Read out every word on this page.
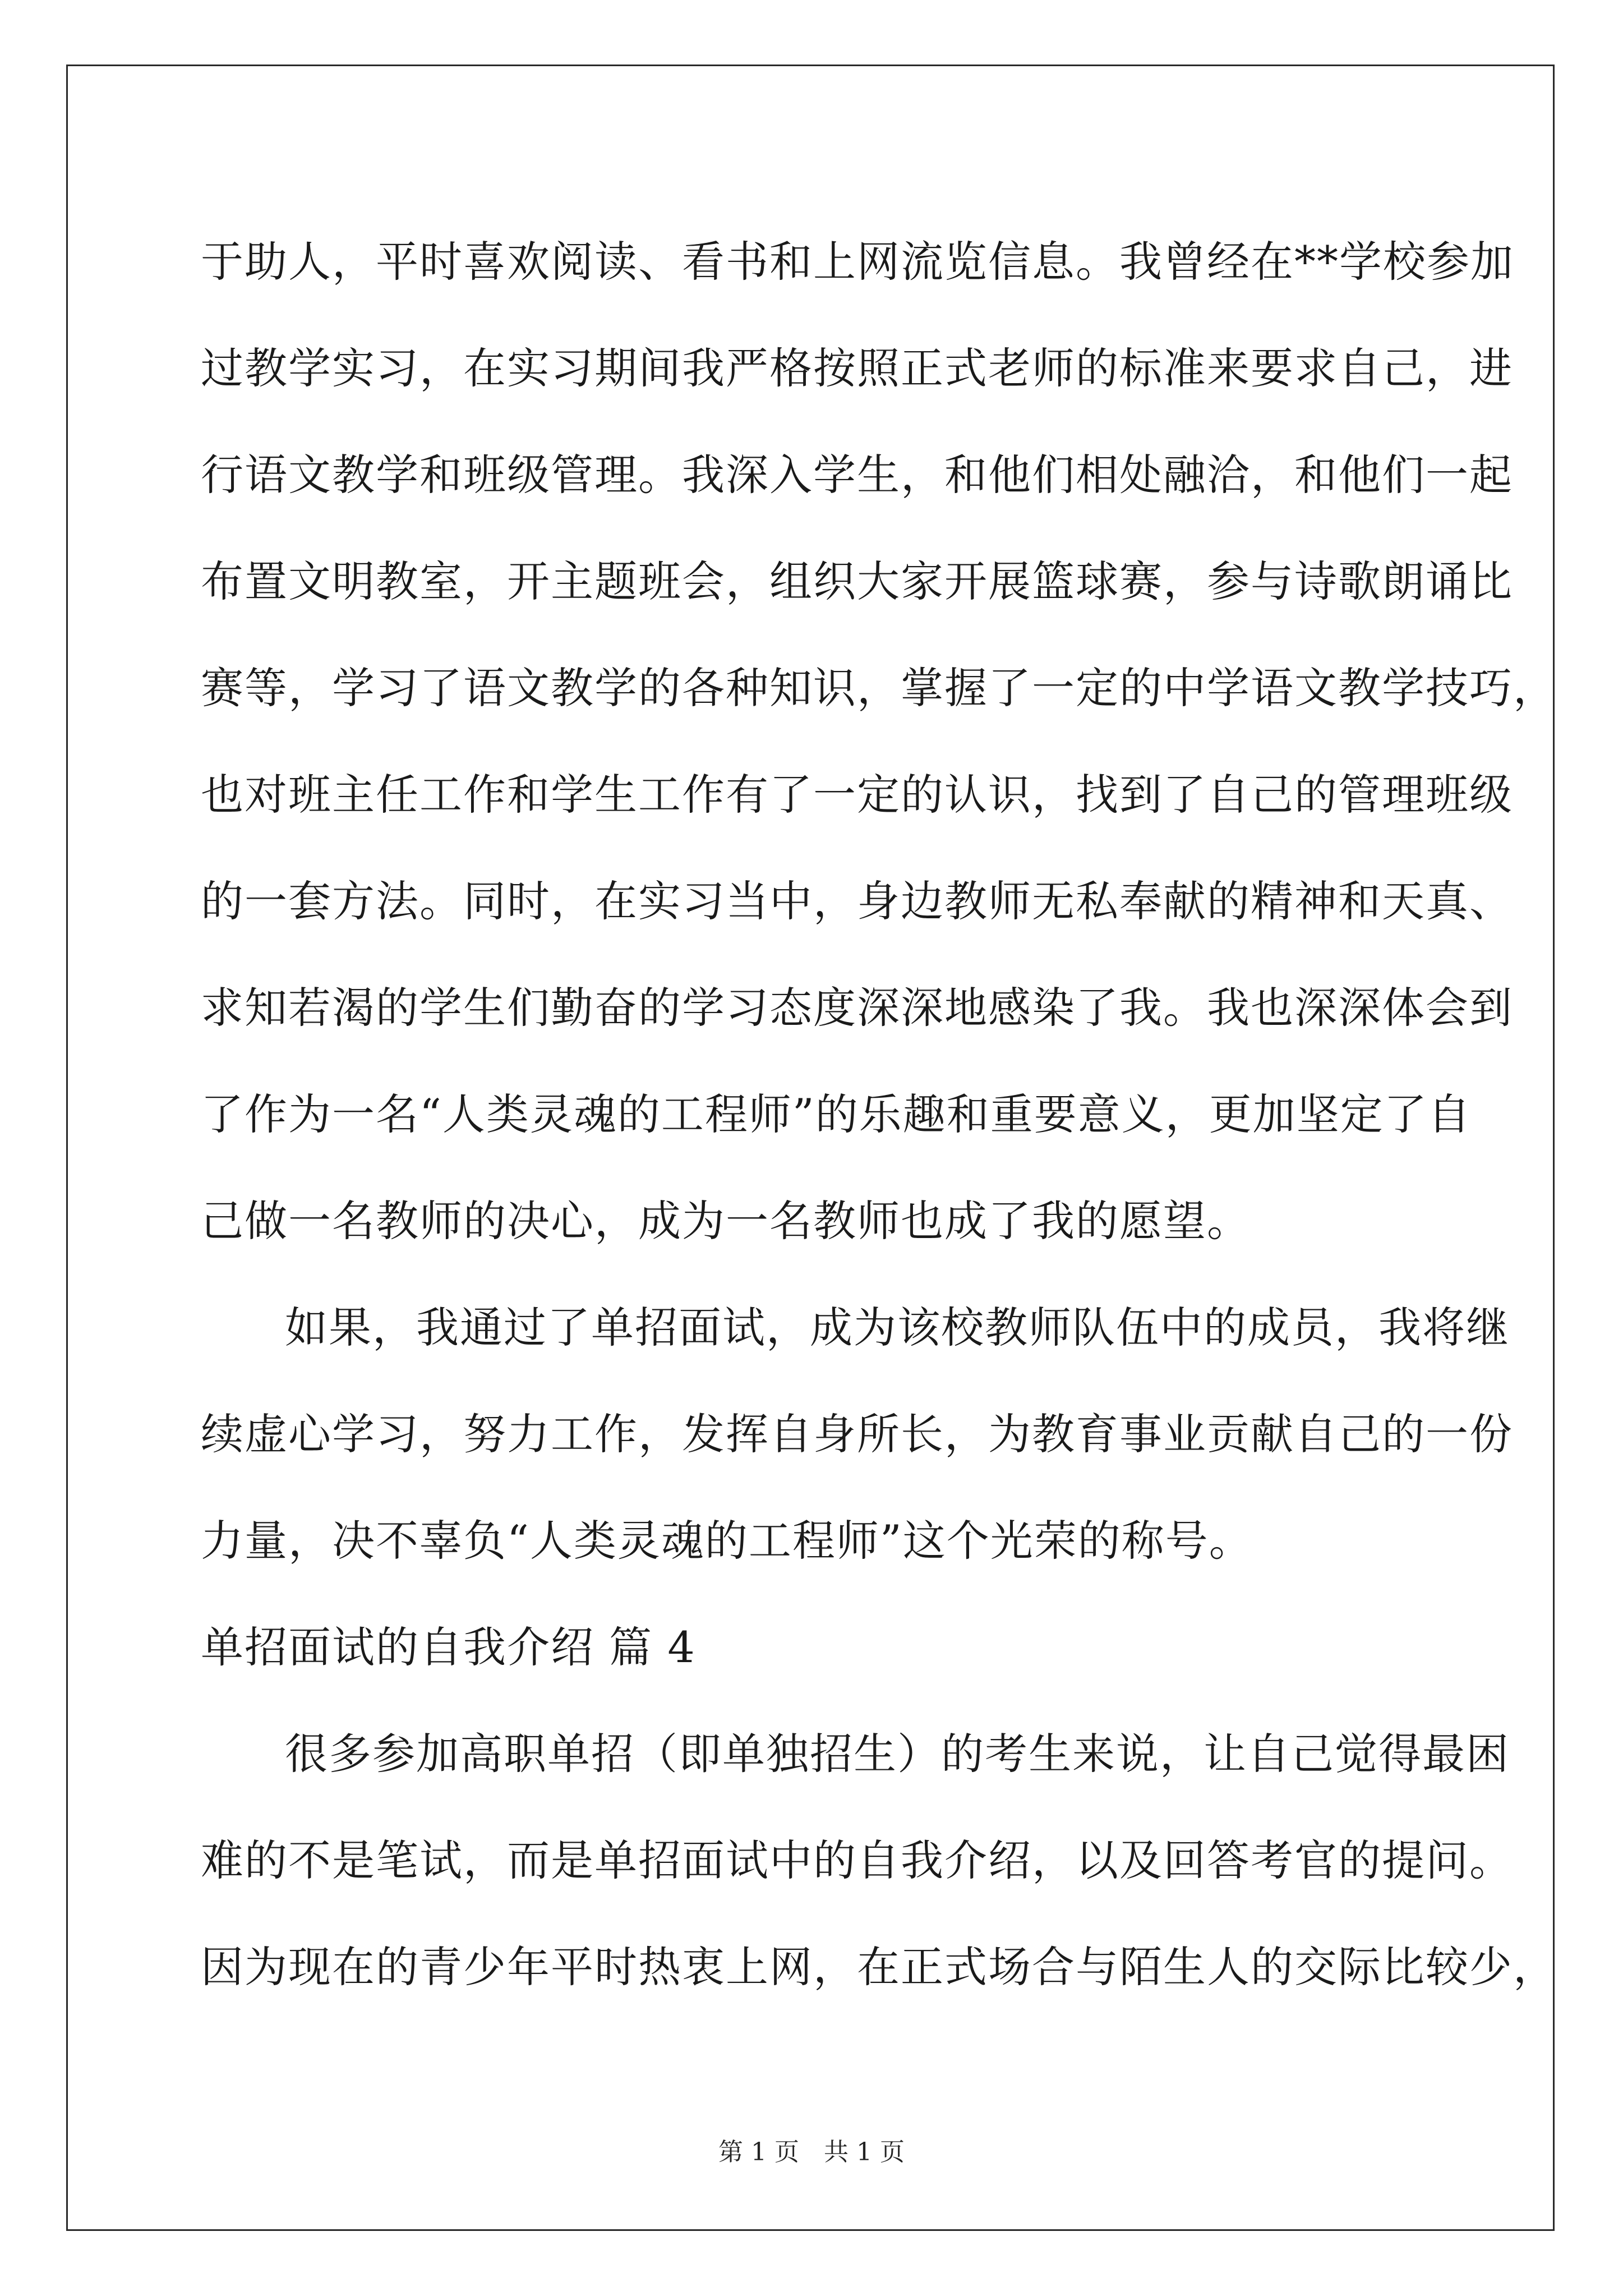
于助人，平时喜欢阅读、看书和上网流览信息。我曾经在**学校参加
过教学实习，在实习期间我严格按照正式老师的标准来要求自己，进
行语文教学和班级管理。我深入学生，和他们相处融洽，和他们一起
布置文明教室，开主题班会，组织大家开展篮球赛，参与诗歌朗诵比
赛等，学习了语文教学的各种知识，掌握了一定的中学语文教学技巧，
也对班主任工作和学生工作有了一定的认识，找到了自己的管理班级
的一套方法。同时，在实习当中，身边教师无私奉献的精神和天真、
求知若渴的学生们勤奋的学习态度深深地感染了我。我也深深体会到
了作为一名“人类灵魂的工程师”的乐趣和重要意义，更加坚定了自
己做一名教师的决心，成为一名教师也成了我的愿望。
如果，我通过了单招面试，成为该校教师队伍中的成员，我将继
续虚心学习，努力工作，发挥自身所长，为教育事业贡献自己的一份
力量，决不辜负“人类灵魂的工程师”这个光荣的称号。
单招面试的自我介绍 篇 4
很多参加高职单招（即单独招生）的考生来说，让自己觉得最困
难的不是笔试，而是单招面试中的自我介绍，以及回答考官的提问。
因为现在的青少年平时热衷上网，在正式场合与陌生人的交际比较少，
第 1 页　共 1 页
